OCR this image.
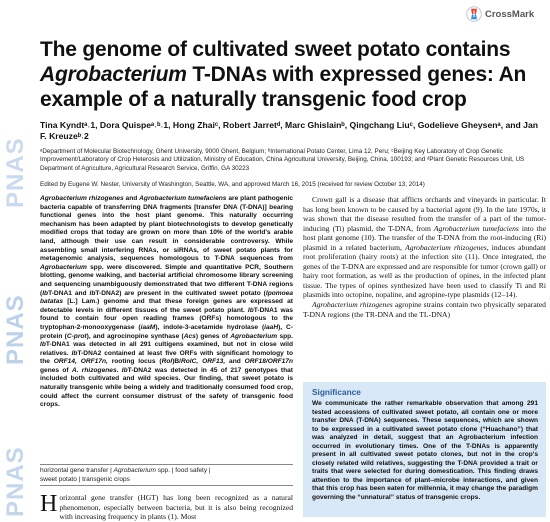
PNAS
PNAS
PNAS
CrossMark
The genome of cultivated sweet potato contains
Agrobacterium T-DNAs with expressed genes: An
example of a naturally transgenic food crop
Tina Kyndtᵃ˒1, Dora Quispeᵃ˒ᵇ˒1, Hong Zhaiᶜ, Robert Jarretᵈ, Marc Ghislainᵇ, Qingchang Liuᶜ, Godelieve Gheysenᵃ, and Jan F. Kreuzeᵇ˒2
ᵃDepartment of Molecular Biotechnology, Ghent University, 9000 Ghent, Belgium; ᵇInternational Potato Center, Lima 12, Peru; ᶜBeijing Key Laboratory of Crop Genetic Improvement/Laboratory of Crop Heterosis and Utilization, Ministry of Education, China Agricultural University, Beijing, China, 100193; and ᵈPlant Genetic Resources Unit, US Department of Agriculture, Agricultural Research Service, Griffin, GA 30223
Edited by Eugene W. Nester, University of Washington, Seattle, WA, and approved March 16, 2015 (received for review October 13, 2014)
Agrobacterium rhizogenes and Agrobacterium tumefaciens are plant pathogenic bacteria capable of transferring DNA fragments [transfer DNA (T-DNA)] bearing functional genes into the host plant genome. This naturally occurring mechanism has been adapted by plant biotechnologists to develop genetically modified crops that today are grown on more than 10% of the world's arable land, although their use can result in considerable controversy. While assembling small interfering RNAs, or siRNAs, of sweet potato plants for metagenomic analysis, sequences homologous to T-DNA sequences from Agrobacterium spp. were discovered. Simple and quantitative PCR, Southern blotting, genome walking, and bacterial artificial chromosome library screening and sequencing unambiguously demonstrated that two different T-DNA regions (IbT-DNA1 and IbT-DNA2) are present in the cultivated sweet potato (Ipomoea batatas [L.] Lam.) genome and that these foreign genes are expressed at detectable levels in different tissues of the sweet potato plant. IbT-DNA1 was found to contain four open reading frames (ORFs) homologous to the tryptophan-2-monooxygenase (iaaM), indole-3-acetamide hydrolase (iaaH), C-protein (C-prot), and agrocinopine synthase (Acs) genes of Agrobacterium spp. IbT-DNA1 was detected in all 291 cultigens examined, but not in close wild relatives. IbT-DNA2 contained at least five ORFs with significant homology to the ORF14, ORF17n, rooting locus (Rol)B/RolC, ORF13, and ORF18/ORF17n genes of A. rhizogenes. IbT-DNA2 was detected in 45 of 217 genotypes that included both cultivated and wild species. Our finding, that sweet potato is naturally transgenic while being a widely and traditionally consumed food crop, could affect the current consumer distrust of the safety of transgenic food crops.
horizontal gene transfer | Agrobacterium spp. | food safety |
sweet potato | transgenic crops
Horizontal gene transfer (HGT) has long been recognized as a natural phenomenon, especially between bacteria, but it is also being recognized with increasing frequency in plants (1). Most

Crown gall is a disease that afflicts orchards and vineyards in particular. It has long been known to be caused by a bacterial agent (9). In the late 1970s, it was shown that the disease resulted from the transfer of a part of the tumor-inducing (Ti) plasmid, the T-DNA, from Agrobacterium tumefaciens into the host plant genome (10). The transfer of the T-DNA from the root-inducing (Ri) plasmid in a related bacterium, Agrobacterium rhizogenes, induces abundant root proliferation (hairy roots) at the infection site (11). Once integrated, the genes of the T-DNA are expressed and are responsible for tumor (crown gall) or hairy root formation, as well as the production of opines, in the infected plant tissue. The types of opines synthesized have been used to classify Ti and Ri plasmids into octopine, nopaline, and agropine-type plasmids (12–14).

Agrobacterium rhizogenes agropine strains contain two physically separated T-DNA regions (the TR-DNA and the TL-DNA)

Significance
We communicate the rather remarkable observation that among 291 tested accessions of cultivated sweet potato, all contain one or more transfer DNA (T-DNA) sequences. These sequences, which are shown to be expressed in a cultivated sweet potato clone (“Huachano”) that was analyzed in detail, suggest that an Agrobacterium infection occurred in evolutionary times. One of the T-DNAs is apparently present in all cultivated sweet potato clones, but not in the crop's closely related wild relatives, suggesting the T-DNA provided a trait or traits that were selected for during domestication. This finding draws attention to the importance of plant–microbe interactions, and given that this crop has been eaten for millennia, it may change the paradigm governing the “unnatural” status of transgenic crops.
